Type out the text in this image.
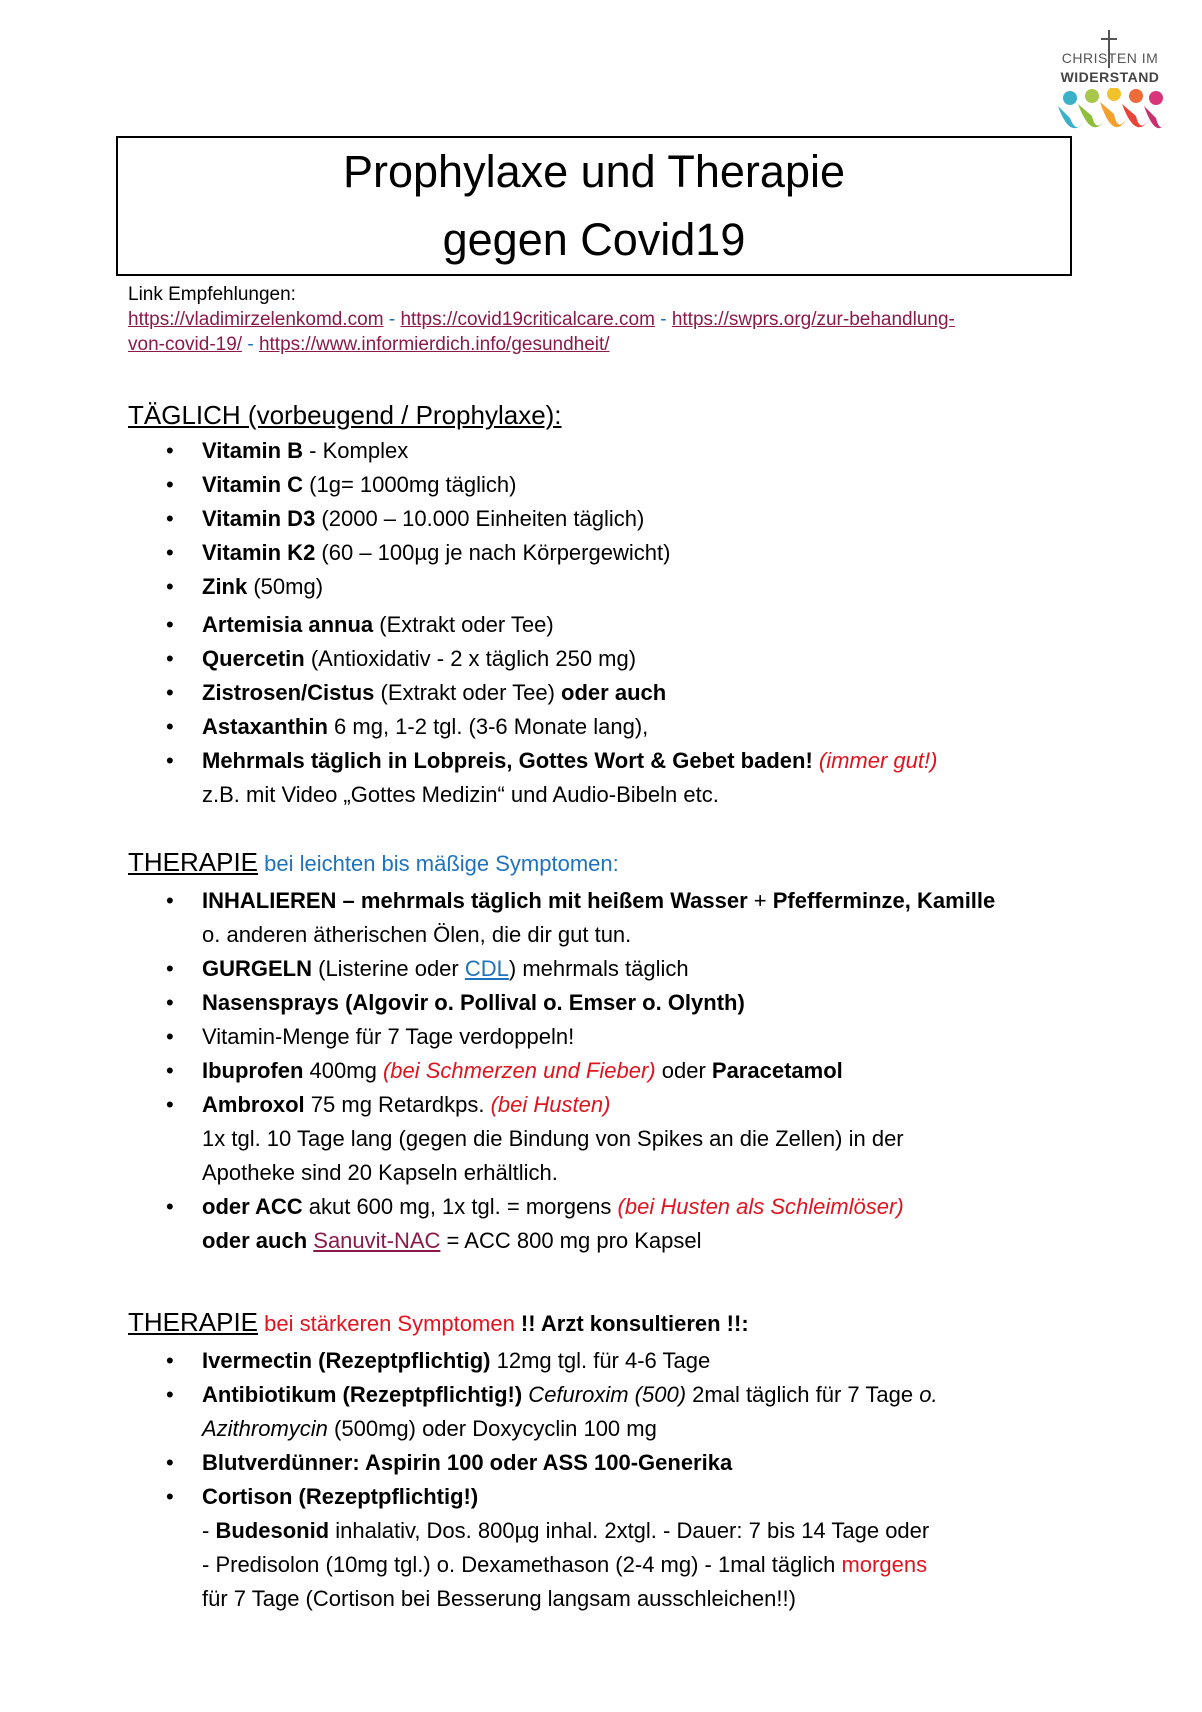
CHRISTEN IM
WIDERSTAND
Prophylaxe und Therapie
gegen Covid19
Link Empfehlungen:
https://vladimirzelenkomd.com - https://covid19criticalcare.com - https://swprs.org/zur-behandlung-
von-covid-19/ - https://www.informierdich.info/gesundheit/
TÄGLICH (vorbeugend / Prophylaxe):
• Vitamin B - Komplex
• Vitamin C (1g= 1000mg täglich)
• Vitamin D3 (2000 – 10.000 Einheiten täglich)
• Vitamin K2 (60 – 100µg je nach Körpergewicht)
• Zink (50mg)
• Artemisia annua (Extrakt oder Tee)
• Quercetin (Antioxidativ - 2 x täglich 250 mg)
• Zistrosen/Cistus (Extrakt oder Tee) oder auch
• Astaxanthin 6 mg, 1-2 tgl. (3-6 Monate lang),
• Mehrmals täglich in Lobpreis, Gottes Wort & Gebet baden! (immer gut!)
z.B. mit Video „Gottes Medizin“ und Audio-Bibeln etc.
THERAPIE bei leichten bis mäßige Symptomen:
• INHALIEREN – mehrmals täglich mit heißem Wasser + Pfefferminze, Kamille
o. anderen ätherischen Ölen, die dir gut tun.
• GURGELN (Listerine oder CDL) mehrmals täglich
• Nasensprays (Algovir o. Pollival o. Emser o. Olynth)
• Vitamin-Menge für 7 Tage verdoppeln!
• Ibuprofen 400mg (bei Schmerzen und Fieber) oder Paracetamol
• Ambroxol 75 mg Retardkps. (bei Husten)
1x tgl. 10 Tage lang (gegen die Bindung von Spikes an die Zellen) in der
Apotheke sind 20 Kapseln erhältlich.
• oder ACC akut 600 mg, 1x tgl. = morgens (bei Husten als Schleimlöser)
oder auch Sanuvit-NAC = ACC 800 mg pro Kapsel
THERAPIE bei stärkeren Symptomen !! Arzt konsultieren !!:
• Ivermectin (Rezeptpflichtig) 12mg tgl. für 4-6 Tage
• Antibiotikum (Rezeptpflichtig!) Cefuroxim (500) 2mal täglich für 7 Tage o.
Azithromycin (500mg) oder Doxycyclin 100 mg
• Blutverdünner: Aspirin 100 oder ASS 100-Generika
• Cortison (Rezeptpflichtig!)
- Budesonid inhalativ, Dos. 800µg inhal. 2xtgl. - Dauer: 7 bis 14 Tage oder
- Predisolon (10mg tgl.) o. Dexamethason (2-4 mg) - 1mal täglich morgens
für 7 Tage (Cortison bei Besserung langsam ausschleichen!!)
